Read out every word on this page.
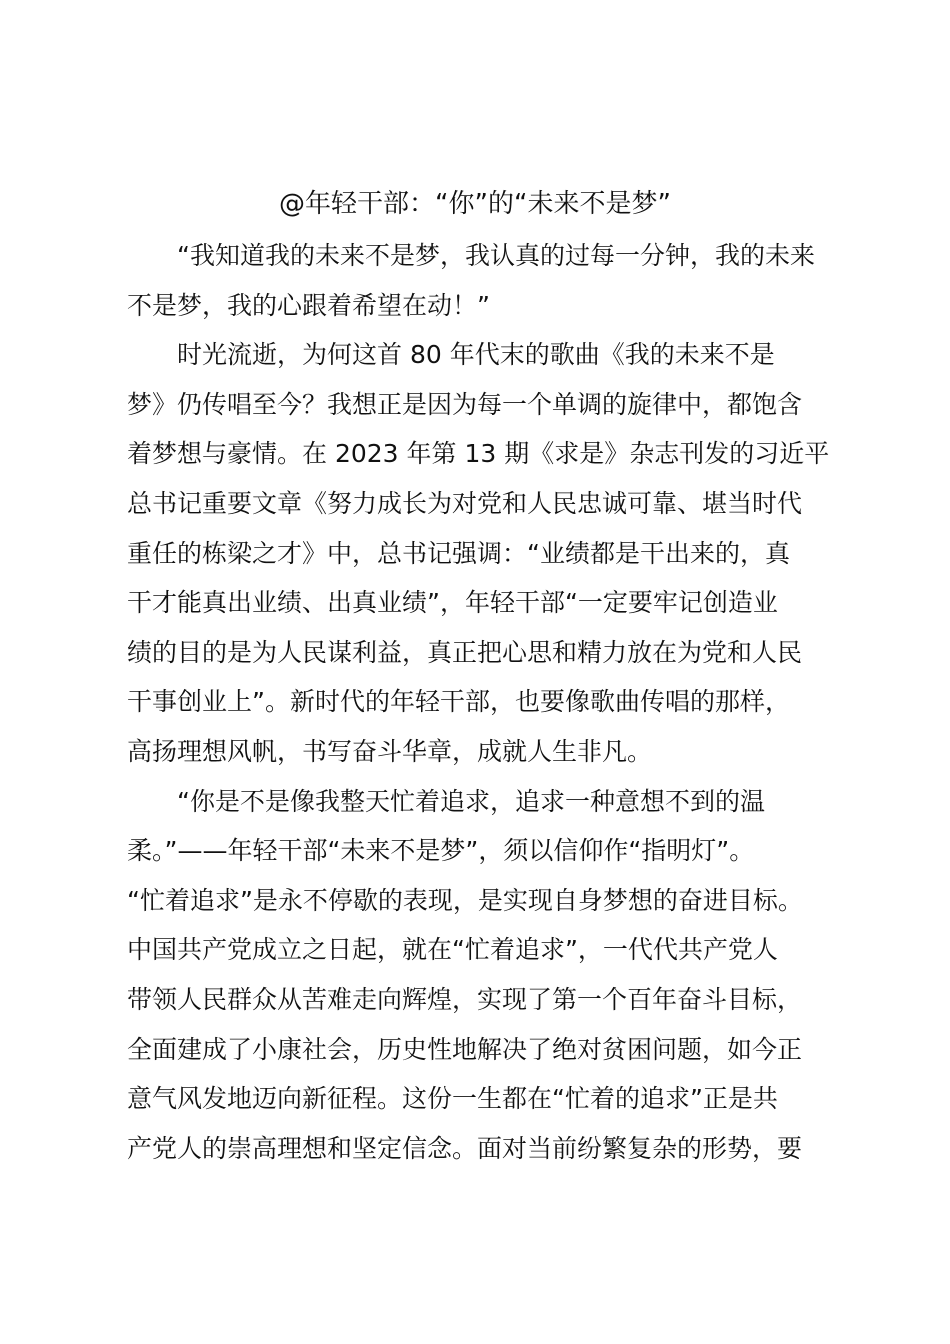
@年轻干部：“你”的“未来不是梦”
“我知道我的未来不是梦，我认真的过每一分钟，我的未来
不是梦，我的心跟着希望在动！”
时光流逝，为何这首 80 年代末的歌曲《我的未来不是
梦》仍传唱至今？我想正是因为每一个单调的旋律中，都饱含
着梦想与豪情。在 2023 年第 13 期《求是》杂志刊发的习近平
总书记重要文章《努力成长为对党和人民忠诚可靠、堪当时代
重任的栋梁之才》中，总书记强调：“业绩都是干出来的，真
干才能真出业绩、出真业绩”，年轻干部“一定要牢记创造业
绩的目的是为人民谋利益，真正把心思和精力放在为党和人民
干事创业上”。新时代的年轻干部，也要像歌曲传唱的那样，
高扬理想风帆，书写奋斗华章，成就人生非凡。
“你是不是像我整天忙着追求，追求一种意想不到的温
柔。”——年轻干部“未来不是梦”，须以信仰作“指明灯”。
“忙着追求”是永不停歇的表现，是实现自身梦想的奋进目标。
中国共产党成立之日起，就在“忙着追求”，一代代共产党人
带领人民群众从苦难走向辉煌，实现了第一个百年奋斗目标，
全面建成了小康社会，历史性地解决了绝对贫困问题，如今正
意气风发地迈向新征程。这份一生都在“忙着的追求”正是共
产党人的崇高理想和坚定信念。面对当前纷繁复杂的形势，要
